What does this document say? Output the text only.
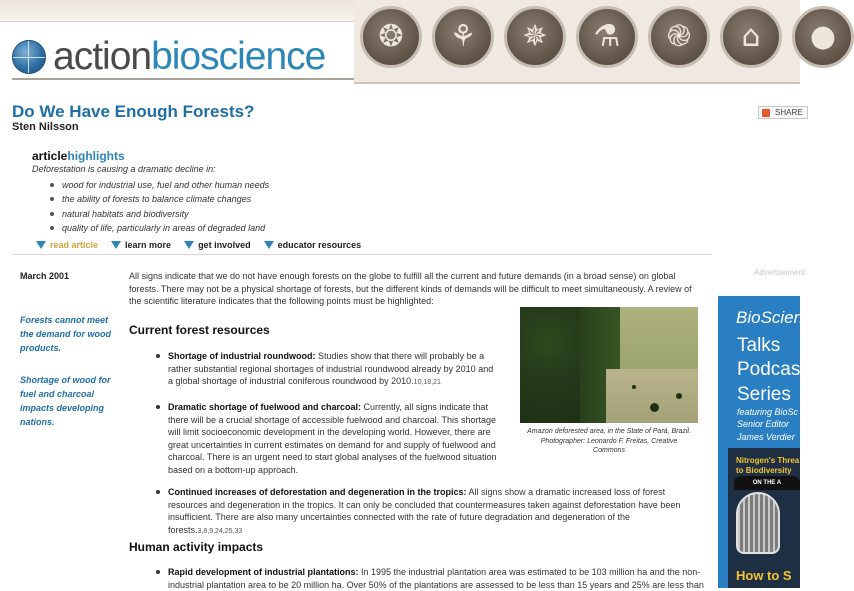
actionbioscience	❂	⚘	✵	⚗	֎	⌂	●
SHARE
Do We Have Enough Forests?
Sten Nilsson
articlehighlights
Deforestation is causing a dramatic decline in:
wood for industrial use, fuel and other human needs
the ability of forests to balance climate changes
natural habitats and biodiversity
quality of life, particularly in areas of degraded land
read article	learn more	get involved	educator resources
March 2001
Forests cannot meet the demand for wood products.
Shortage of wood for fuel and charcoal impacts developing nations.
All signs indicate that we do not have enough forests on the globe to fulfill all the current and future demands (in a broad sense) on global forests. There may not be a physical shortage of forests, but the different kinds of demands will be difficult to meet simultaneously. A review of the scientific literature indicates that the following points must be highlighted:
Current forest resources
Shortage of industrial roundwood: Studies show that there will probably be a rather substantial regional shortages of industrial roundwood already by 2010 and a global shortage of industrial coniferous roundwood by 2010.10,18,21
Dramatic shortage of fuelwood and charcoal: Currently, all signs indicate that there will be a crucial shortage of accessible fuelwood and charcoal. This shortage will limit socioeconomic development in the developing world. However, there are great uncertainties in current estimates on demand for and supply of fuelwood and charcoal. There is an urgent need to start global analyses of the fuelwood situation based on a bottom-up approach.
Continued increases of deforestation and degeneration in the tropics: All signs show a dramatic increased loss of forest resources and degeneration in the tropics. It can only be concluded that countermeasures taken against deforestation have been insufficient. There are also many uncertainties connected with the rate of future degradation and degeneration of the forests.3,8,9,24,25,33
Human activity impacts
Rapid development of industrial plantations: In 1995 the industrial plantation area was estimated to be 103 million ha and the non-industrial plantation area to be 20 million ha. Over 50% of the plantations are assessed to be less than 15 years and 25% are less than
Amazon deforested area, in the State of Pará, Brazil.
Photographer: Leonardo F. Freitas, Creative Commons
Advertisement
BioScien
Talks
Podcas
Series
featuring BioSc
Senior Editor
James Verdier
Nitrogen's Threa
to Biodiversity
ON THE A
How to S
